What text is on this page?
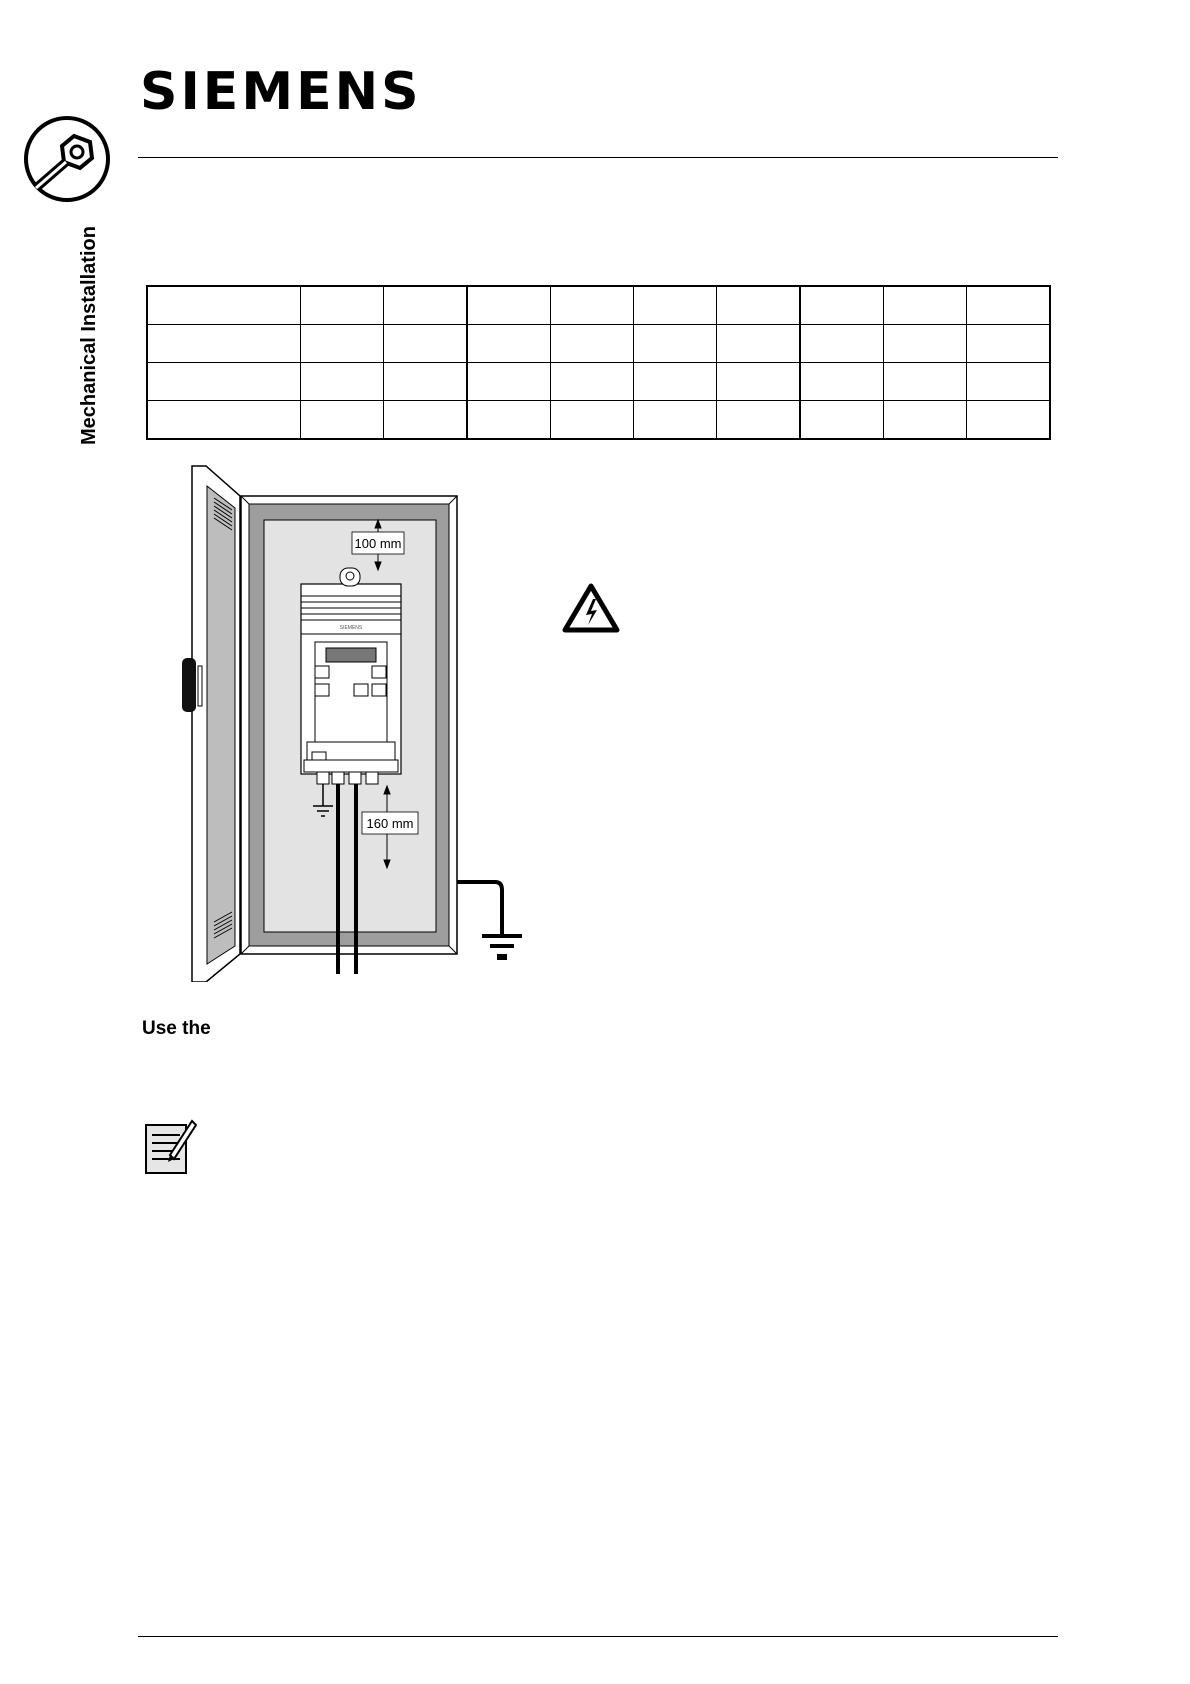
SIEMENS
Mechanical Installation

SIEMENS
100 mm
160 mm
Use the
